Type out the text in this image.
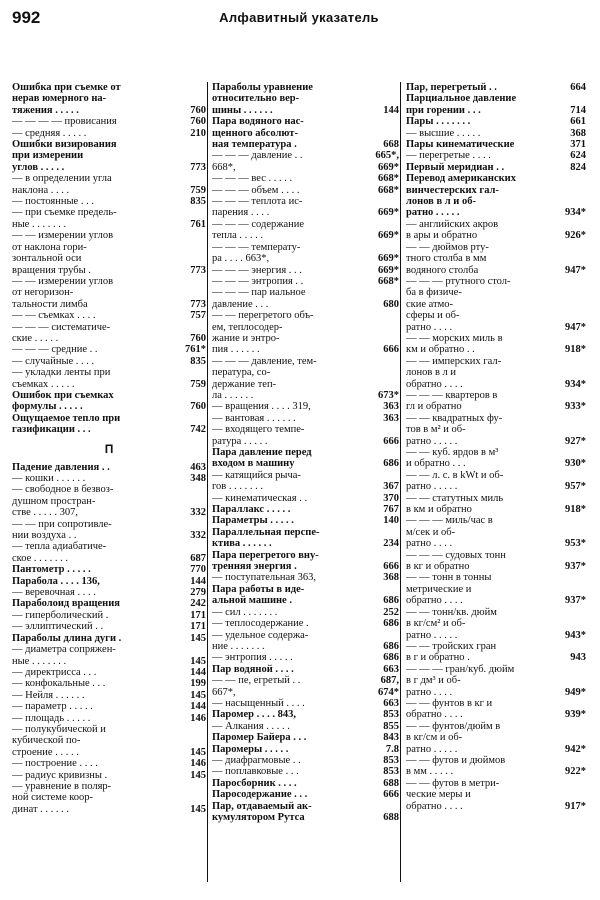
992	Алфавитный указатель
Ошибка при съемке от
нерав юмерного на-
тяжения . . . . .	760
— — — — провисания	760
— средняя . . . . .	210
Ошибки визирования
при измерении
углов . . . . .	773
— в определении угла
наклона . . . .	759
— постоянные . . .	835
— при съемке предель-
ные . . . . . . .	761
— — измерении углов
от наклона гори-
зонтальной оси
вращения трубы .	773
— — измерении углов
от негоризон-
тальности лимба	773
— — съемках . . . .	757
— — — систематиче-
ские . . . . .	760
— — — средние . .	761*
— случайные . . . .	835
— укладки ленты при
съемках . . . . .	759
Ошибок при съемках
формулы . . . . .	760
Ощущаемое тепло при
газификации . . .	742
П
Падение давления . .	463
— кошки . . . . . .	348
— свободное в безвоз-
душном простран-
стве . . . . . 307,	332
— — при сопротивле-
нии воздуха . .	332
— тепла адиабатиче-
ское . . . . . . .	687
Пантометр . . . . .	770
Парабола . . . . 136,	144
— веревочная . . . .	279
Параболоид вращения	242
— гиперболический .	171
— эллиптический . .	171
Параболы длина дуги .	145
— диаметра сопряжен-
ные . . . . . . .	145
— директрисса . . .	144
— конфокальные . . .	199
— Нейля . . . . . .	145
— параметр . . . . .	144
— площадь . . . . .	146
— полукубической и
кубической по-
строение . . . . .	145
— построение . . . .	146
— радиус кривизны .	145
— уравнение в поляр-
ной системе коор-
динат . . . . . .	145
Параболы уравнение
относительно вер-
шины . . . . . .	144
Пара водяного нас-
щенного абсолют-
ная температура .	668
— — — давление . .	665*,
668*,	669*
— — — вес . . . . .	668*
— — — объем . . . .	668*
— — — теплота ис-
парения . . . .	669*
— — — содержание
тепла . . . . .	669*
— — — температу-
ра . . . . 663*,	669*
— — — энергия . . .	669*
— — — энтропия . .	668*
— — — пар иальное
давление . . .	680
— — перегретого объ-
ем, теплосодер-
жание и энтро-
пия . . . . . .	666
— — — давление, тем-
пература, со-
держание теп-
ла . . . . . .	673*
— вращения . . . . 319,	363
— вантовая . . . . . .	363
— входящего темпе-
ратура . . . . .	666
Пара давление перед
входом в машину	686
— катящийся рыча-
гов . . . . . . .	367
— кинематическая . .	370
Параллакс . . . . .	767
Параметры . . . . .	140
Параллельная перспе-
ктива . . . . . .	234
Пара перегретого вну-
тренняя энергия .	666
— поступательная 363,	368
Пара работы в иде-
альной машине .	686
— сил . . . . . . .	252
— теплосодержание .	686
— удельное содержа-
ние . . . . . . .	686
— энтропия . . . . .	686
Пар водяной . . . .	663
— — пе, егретый . .	687,
667*,	674*
— насыщенный . . . .	663
Паромер . . . . 843,	853
— Алкания . . . . .	855
Паромер Байера . . .	843
Паромеры . . . . .	7.8
— диафрагмовые . .	853
— поплавковые . . .	853
Паросборник . . . .	688
Паросодержание . . .	666
Пар, отдаваемый ак-
кумулятором Рутса	688
Пар, перегретый . .	664
Парциальное давление
при горении . . .	714
Пары . . . . . . .	661
— высшие . . . . .	368
Пары кинематические	371
— перегретые . . . .	624
Первый меридиан . .	824
Перевод американских
винчестерских гал-
лонов в л и об-
ратно . . . . .	934*
— английских акров
в ары и обратно	926*
— — дюймов рту-
тного столба в мм
водяного столба	947*
— — — ртутного стол-
ба в физиче-
ские атмо-
сферы и об-
ратно . . . .	947*
— — морских миль в
км и обратно . .	918*
— — имперских гал-
лонов в л и
обратно . . . .	934*
— — — квартеров в
гл и обратно	933*
— — квадратных фу-
тов в м² и об-
ратно . . . . .	927*
— — куб. ярдов в м³
и обратно . . .	930*
— — л. с. в kWt и об-
ратно . . . . .	957*
— — статутных миль
в км и обратно	918*
— — — миль/час в
м/сек и об-
ратно . . . .	953*
— — — судовых тонн
в кг и обратно	937*
— — тонн в тонны
метрические и
обратно . . . .	937*
— — тонн/кв. дюйм
в кг/см² и об-
ратно . . . . .	943*
— — тройских гран
в г и обратно .	943
— — — гран/куб. дюйм
в г дм³ и об-
ратно . . . .	949*
— — фунтов в кг и
обратно . . . .	939*
— — фунтов/дюйм в
в кг/см и об-
ратно . . . . .	942*
— — футов и дюймов
в мм . . . . .	922*
— — футов в метри-
ческие меры и
обратно . . . .	917*
